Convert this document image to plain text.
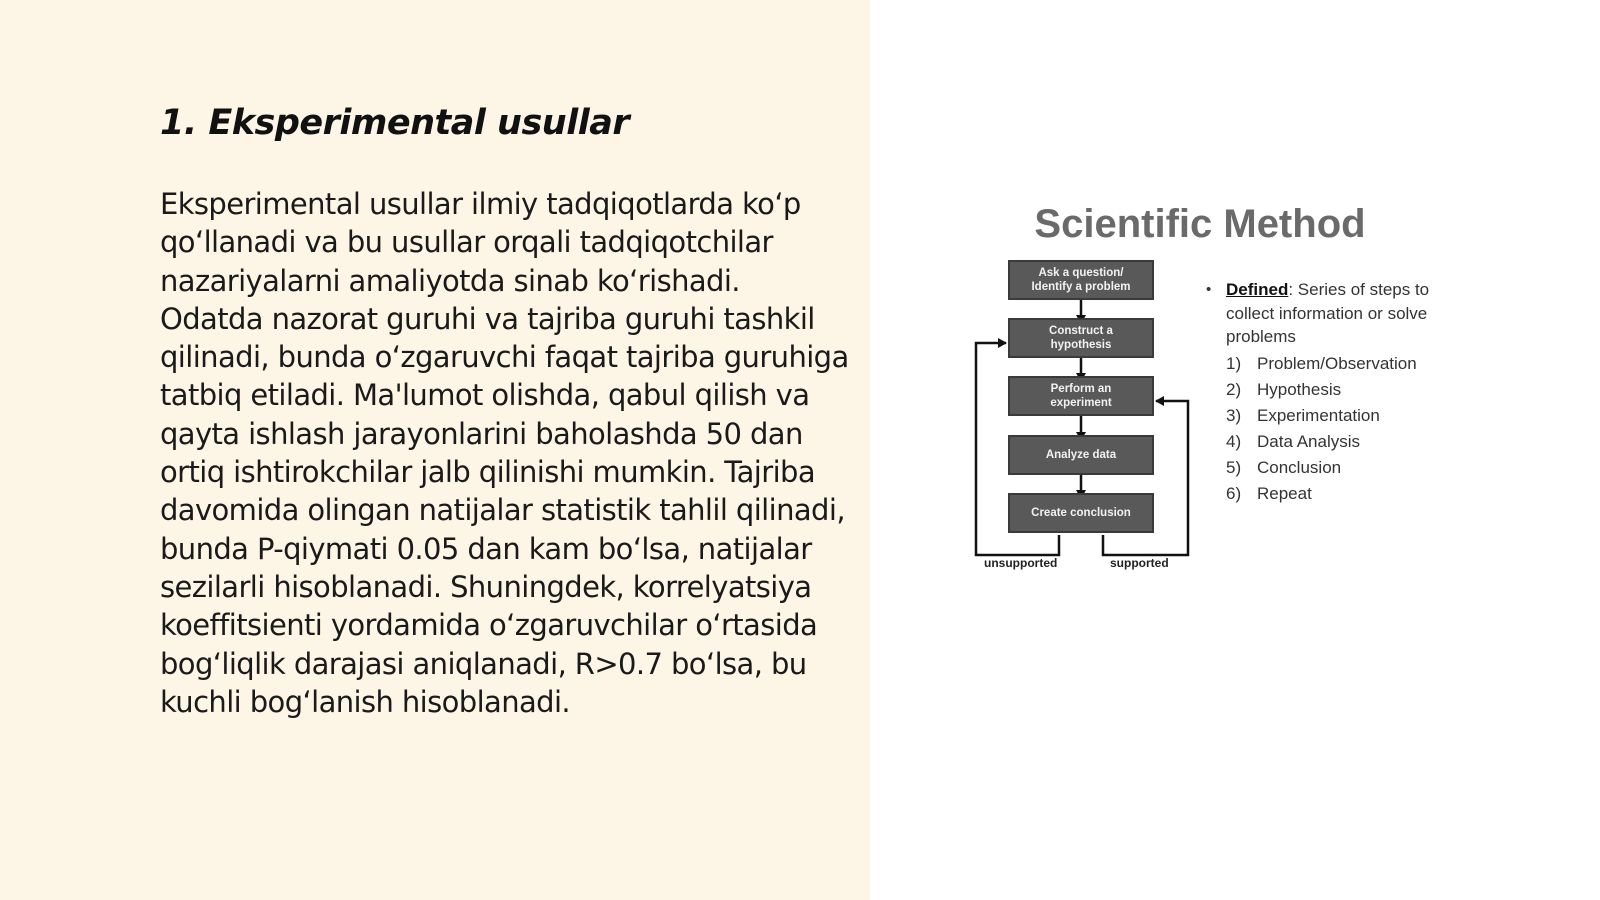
1. Eksperimental usullar

Eksperimental usullar ilmiy tadqiqotlarda ko‘p qo‘llanadi va bu usullar orqali tadqiqotchilar nazariyalarni amaliyotda sinab ko‘rishadi. Odatda nazorat guruhi va tajriba guruhi tashkil qilinadi, bunda o‘zgaruvchi faqat tajriba guruhiga tatbiq etiladi. Ma'lumot olishda, qabul qilish va qayta ishlash jarayonlarini baholashda 50 dan ortiq ishtirokchilar jalb qilinishi mumkin. Tajriba davomida olingan natijalar statistik tahlil qilinadi, bunda P-qiymati 0.05 dan kam bo‘lsa, natijalar sezilarli hisoblanadi. Shuningdek, korrelyatsiya koeffitsienti yordamida o‘zgaruvchilar o‘rtasida bog‘liqlik darajasi aniqlanadi, R>0.7 bo‘lsa, bu kuchli bog‘lanish hisoblanadi.

Scientific Method
Ask a question/
Identify a problem
Construct a
hypothesis
Perform an
experiment
Analyze data
Create conclusion
unsupported	supported
• Defined: Series of steps to collect information or solve problems
1) Problem/Observation
2) Hypothesis
3) Experimentation
4) Data Analysis
5) Conclusion
6) Repeat
